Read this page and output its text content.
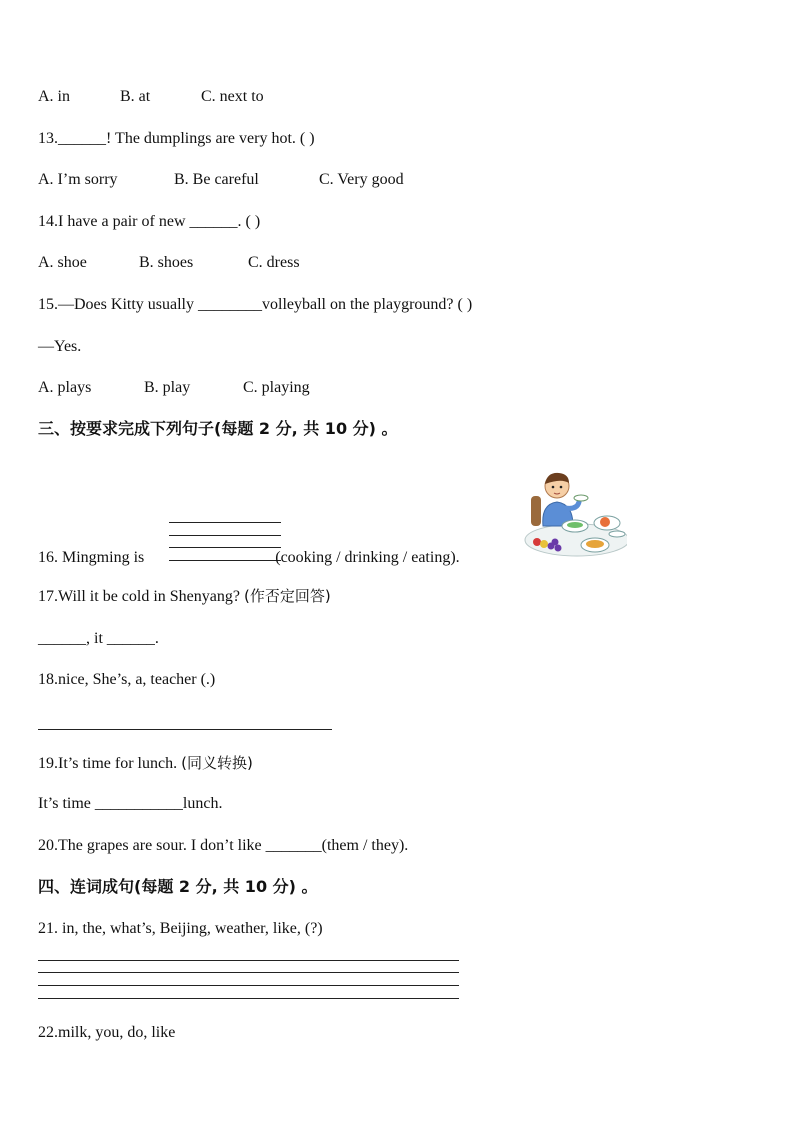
A. in	B. at	C. next to
13.______! The dumplings are very hot. ( )
A. I’m sorry	B. Be careful	C. Very good
14.I have a pair of new ______. ( )
A. shoe	B. shoes	C. dress
15.—Does Kitty usually ________volleyball on the playground? ( )
—Yes.
A. plays	B. play	C. playing
三、按要求完成下列句子(每题 2 分, 共 10 分) 。
16. Mingming is	(cooking / drinking / eating).
17.Will it be cold in Shenyang? (作否定回答)
______, it ______.
18.nice, She’s, a, teacher (.)
19.It’s time for lunch. (同义转换)
It’s time ___________lunch.
20.The grapes are sour. I don’t like _______(them / they).
四、连词成句(每题 2 分, 共 10 分) 。
21. in, the, what’s, Beijing, weather, like, (?)
22.milk, you, do, like
